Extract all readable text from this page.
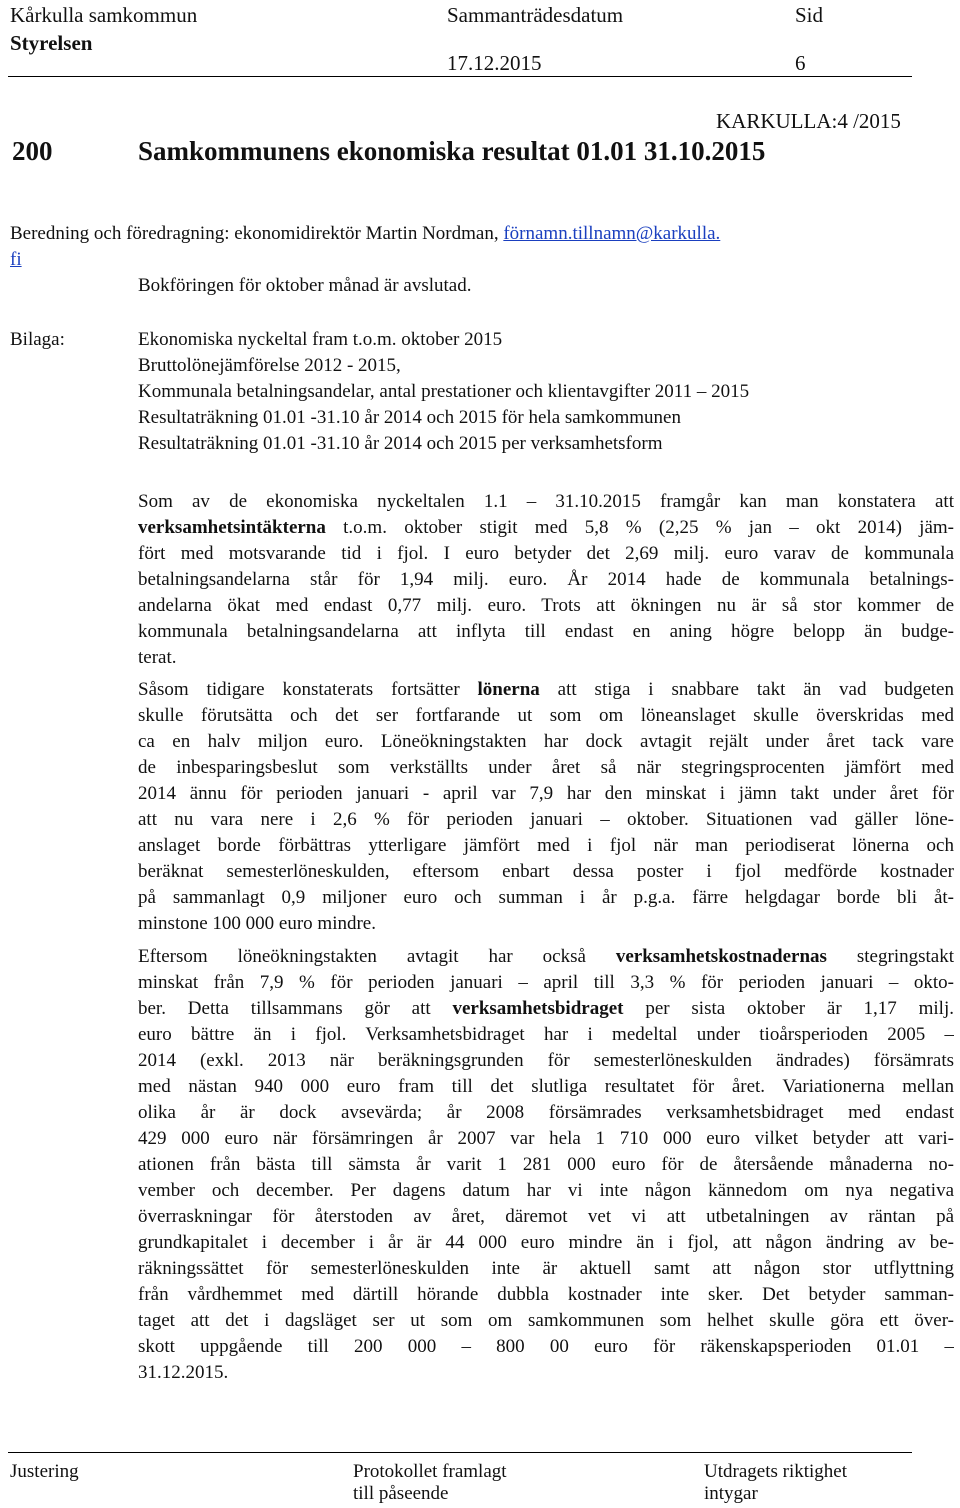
Kårkulla samkommun
Styrelsen
Sammanträdesdatum
17.12.2015
Sid
6
KARKULLA:4 /2015
200	Samkommunens ekonomiska resultat 01.01 31.10.2015
Beredning och föredragning: ekonomidirektör Martin Nordman, förnamn.tillnamn@karkulla.
fi
Bokföringen för oktober månad är avslutad.
Bilaga:	Ekonomiska nyckeltal fram t.o.m. oktober 2015
Bruttolönejämförelse 2012 - 2015,
Kommunala betalningsandelar, antal prestationer och klientavgifter 2011 – 2015
Resultaträkning 01.01 -31.10 år 2014 och 2015 för hela samkommunen
Resultaträkning 01.01 -31.10 år 2014 och 2015 per verksamhetsform
Som av de ekonomiska nyckeltalen 1.1 – 31.10.2015 framgår kan man konstatera att
verksamhetsintäkterna t.o.m. oktober stigit med 5,8 % (2,25 % jan – okt 2014) jäm-
fört med motsvarande tid i fjol. I euro betyder det 2,69 milj. euro varav de kommunala
betalningsandelarna står för 1,94 milj. euro. År 2014 hade de kommunala betalnings-
andelarna ökat med endast 0,77 milj. euro. Trots att ökningen nu är så stor kommer de
kommunala betalningsandelarna att inflyta till endast en aning högre belopp än budge-
terat.
Såsom tidigare konstaterats fortsätter lönerna att stiga i snabbare takt än vad budgeten
skulle förutsätta och det ser fortfarande ut som om löneanslaget skulle överskridas med
ca en halv miljon euro. Löneökningstakten har dock avtagit rejält under året tack vare
de inbesparingsbeslut som verkställts under året så när stegringsprocenten jämfört med
2014 ännu för perioden januari - april var 7,9 har den minskat i jämn takt under året för
att nu vara nere i 2,6 % för perioden januari – oktober. Situationen vad gäller löne-
anslaget borde förbättras ytterligare jämfört med i fjol när man periodiserat lönerna och
beräknat semesterlöneskulden, eftersom enbart dessa poster i fjol medförde kostnader
på sammanlagt 0,9 miljoner euro och summan i år p.g.a. färre helgdagar borde bli åt-
minstone 100 000 euro mindre.
Eftersom löneökningstakten avtagit har också verksamhetskostnadernas stegringstakt
minskat från 7,9 % för perioden januari – april till 3,3 % för perioden januari – okto-
ber. Detta tillsammans gör att verksamhetsbidraget per sista oktober är 1,17 milj.
euro bättre än i fjol. Verksamhetsbidraget har i medeltal under tioårsperioden 2005 –
2014 (exkl. 2013 när beräkningsgrunden för semesterlöneskulden ändrades) försämrats
med nästan 940 000 euro fram till det slutliga resultatet för året. Variationerna mellan
olika år är dock avsevärda; år 2008 försämrades verksamhetsbidraget med endast
429 000 euro när försämringen år 2007 var hela 1 710 000 euro vilket betyder att vari-
ationen från bästa till sämsta år varit 1 281 000 euro för de återsående månaderna no-
vember och december. Per dagens datum har vi inte någon kännedom om nya negativa
överraskningar för återstoden av året, däremot vet vi att utbetalningen av räntan på
grundkapitalet i december i år är 44 000 euro mindre än i fjol, att någon ändring av be-
räkningssättet för semesterlöneskulden inte är aktuell samt att någon stor utflyttning
från vårdhemmet med därtill hörande dubbla kostnader inte sker. Det betyder samman-
taget att det i dagsläget ser ut som om samkommunen som helhet skulle göra ett över-
skott uppgående till 200 000 – 800 00 euro för räkenskapsperioden 01.01 –
31.12.2015.
Justering	Protokollet framlagt
till påseende
Utdragets riktighet
intygar
